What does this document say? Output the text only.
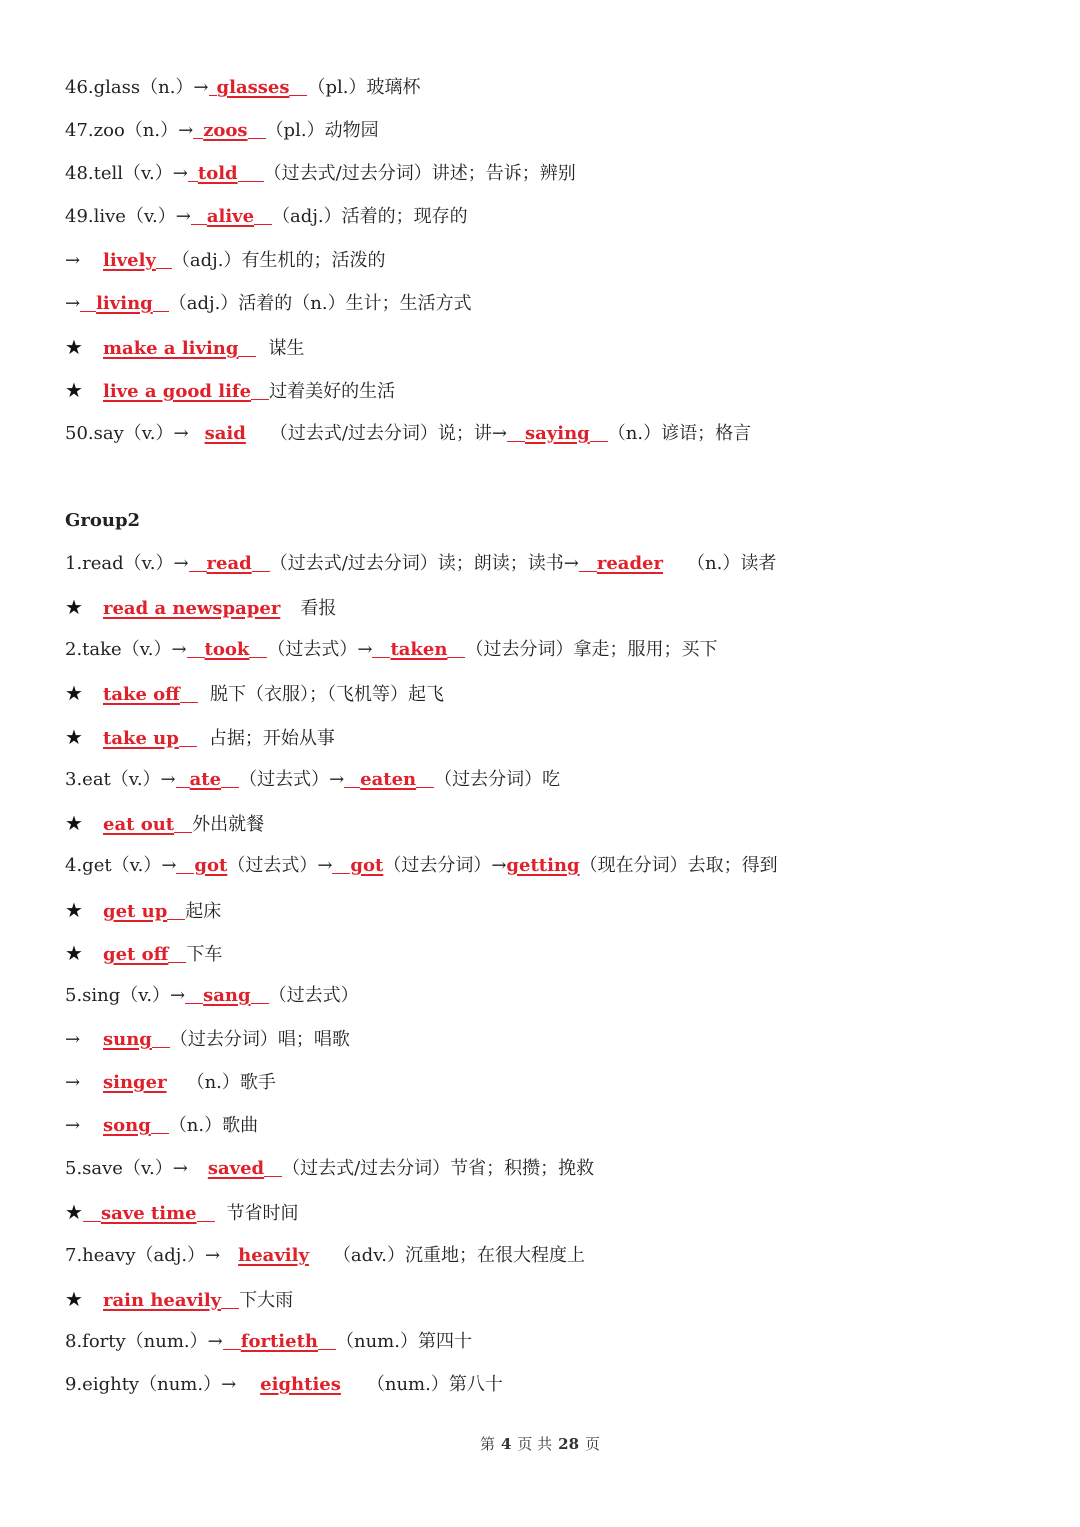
46.glass（n.）→ glasses （pl.）玻璃杯
47.zoo（n.）→ zoos （pl.）动物园
48.tell（v.）→ told （过去式/过去分词）讲述；告诉；辨别
49.live（v.）→ alive （adj.）活着的；现存的
→ lively （adj.）有生机的；活泼的
→ living （adj.）活着的（n.）生计；生活方式
★ make a living 谋生
★ live a good life 过着美好的生活
50.say（v.）→ said （过去式/过去分词）说；讲→ saying （n.）谚语；格言
Group2
1.read（v.）→ read （过去式/过去分词）读；朗读；读书→ reader （n.）读者
★ read a newspaper 看报
2.take（v.）→ took （过去式）→ taken （过去分词）拿走；服用；买下
★ take off 脱下（衣服）；（飞机等）起飞
★ take up 占据；开始从事
3.eat（v.）→ ate （过去式）→ eaten （过去分词）吃
★ eat out 外出就餐
4.get（v.）→ got（过去式）→ got（过去分词）→getting（现在分词）去取；得到
★ get up 起床
★ get off 下车
5.sing（v.）→ sang （过去式）
→ sung （过去分词）唱；唱歌
→ singer （n.）歌手
→ song （n.）歌曲
5.save（v.）→ saved （过去式/过去分词）节省；积攒；挽救
★ save time 节省时间
7.heavy（adj.）→ heavily （adv.）沉重地；在很大程度上
★ rain heavily 下大雨
8.forty（num.）→ fortieth （num.）第四十
9.eighty（num.）→ eighties （num.）第八十
第 4 页 共 28 页
